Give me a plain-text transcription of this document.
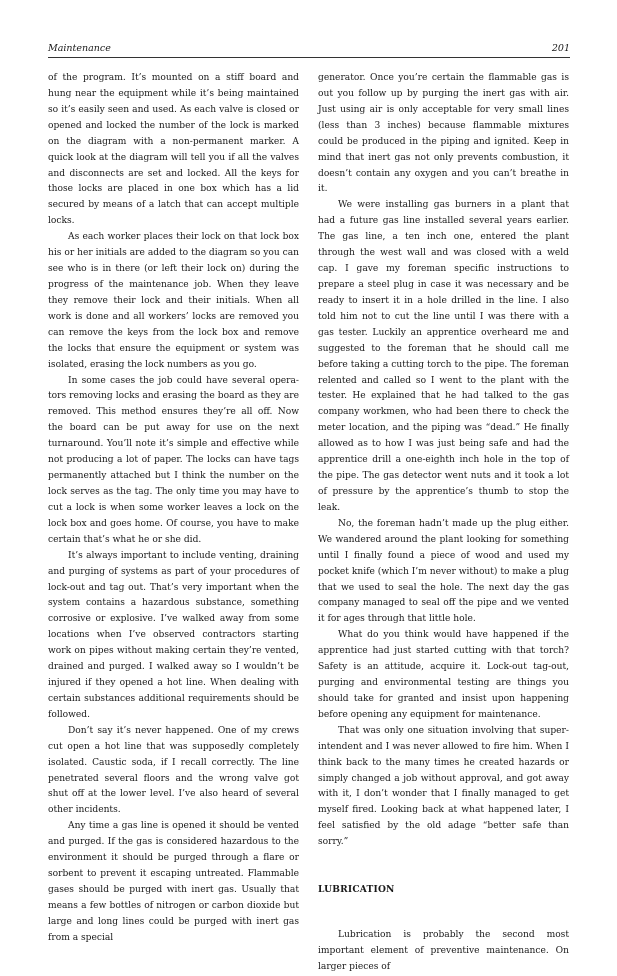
Maintenance	201

of the program. It’s mounted on a stiff board and hung near the equipment while it’s being maintained so it’s easily seen and used. As each valve is closed or opened and locked the number of the lock is marked on the diagram with a non-permanent marker. A quick look at the diagram will tell you if all the valves and disconnects are set and locked. All the keys for those locks are placed in one box which has a lid secured by means of a latch that can accept multiple locks.

As each worker places their lock on that lock box his or her initials are added to the diagram so you can see who is in there (or left their lock on) during the progress of the maintenance job. When they leave they remove their lock and their initials. When all work is done and all workers’ locks are removed you can remove the keys from the lock box and remove the locks that ensure the equipment or system was isolated, erasing the lock numbers as you go.

In some cases the job could have several operators removing locks and erasing the board as they are removed. This method ensures they’re all off. Now the board can be put away for use on the next turnaround. You’ll note it’s simple and effective while not producing a lot of paper. The locks can have tags permanently attached but I think the number on the lock serves as the tag. The only time you may have to cut a lock is when some worker leaves a lock on the lock box and goes home. Of course, you have to make certain that’s what he or she did.

It’s always important to include venting, draining and purging of systems as part of your procedures of lock-out and tag out. That’s very important when the system contains a hazardous substance, something corrosive or explosive. I’ve walked away from some locations when I’ve observed contractors starting work on pipes without making certain they’re vented, drained and purged. I walked away so I wouldn’t be injured if they opened a hot line. When dealing with certain substances additional requirements should be followed.

Don’t say it’s never happened. One of my crews cut open a hot line that was supposedly completely isolated. Caustic soda, if I recall correctly. The line penetrated several floors and the wrong valve got shut off at the lower level. I’ve also heard of several other incidents.

Any time a gas line is opened it should be vented and purged. If the gas is considered hazardous to the environment it should be purged through a flare or sorbent to prevent it escaping untreated. Flammable gases should be purged with inert gas. Usually that means a few bottles of nitrogen or carbon dioxide but large and long lines could be purged with inert gas from a special

generator. Once you’re certain the flammable gas is out you follow up by purging the inert gas with air. Just using air is only acceptable for very small lines (less than 3 inches) because flammable mixtures could be produced in the piping and ignited. Keep in mind that inert gas not only prevents combustion, it doesn’t contain any oxygen and you can’t breathe in it.

We were installing gas burners in a plant that had a future gas line installed several years earlier. The gas line, a ten inch one, entered the plant through the west wall and was closed with a weld cap. I gave my foreman specific instructions to prepare a steel plug in case it was necessary and be ready to insert it in a hole drilled in the line. I also told him not to cut the line until I was there with a gas tester. Luckily an apprentice overheard me and suggested to the foreman that he should call me before taking a cutting torch to the pipe. The foreman relented and called so I went to the plant with the tester. He explained that he had talked to the gas company workmen, who had been there to check the meter location, and the piping was “dead.” He finally allowed as to how I was just being safe and had the apprentice drill a one-eighth inch hole in the top of the pipe. The gas detector went nuts and it took a lot of pressure by the apprentice’s thumb to stop the leak.

No, the foreman hadn’t made up the plug either. We wandered around the plant looking for something until I finally found a piece of wood and used my pocket knife (which I’m never without) to make a plug that we used to seal the hole. The next day the gas company managed to seal off the pipe and we vented it for ages through that little hole.

What do you think would have happened if the apprentice had just started cutting with that torch? Safety is an attitude, acquire it. Lock-out tag-out, purging and environmental testing are things you should take for granted and insist upon happening before opening any equipment for maintenance.

That was only one situation involving that superintendent and I was never allowed to fire him. When I think back to the many times he created hazards or simply changed a job without approval, and got away with it, I don’t wonder that I finally managed to get myself fired. Looking back at what happened later, I feel satisfied by the old adage “better safe than sorry.”

LUBRICATION

Lubrication is probably the second most important element of preventive maintenance. On larger pieces of
